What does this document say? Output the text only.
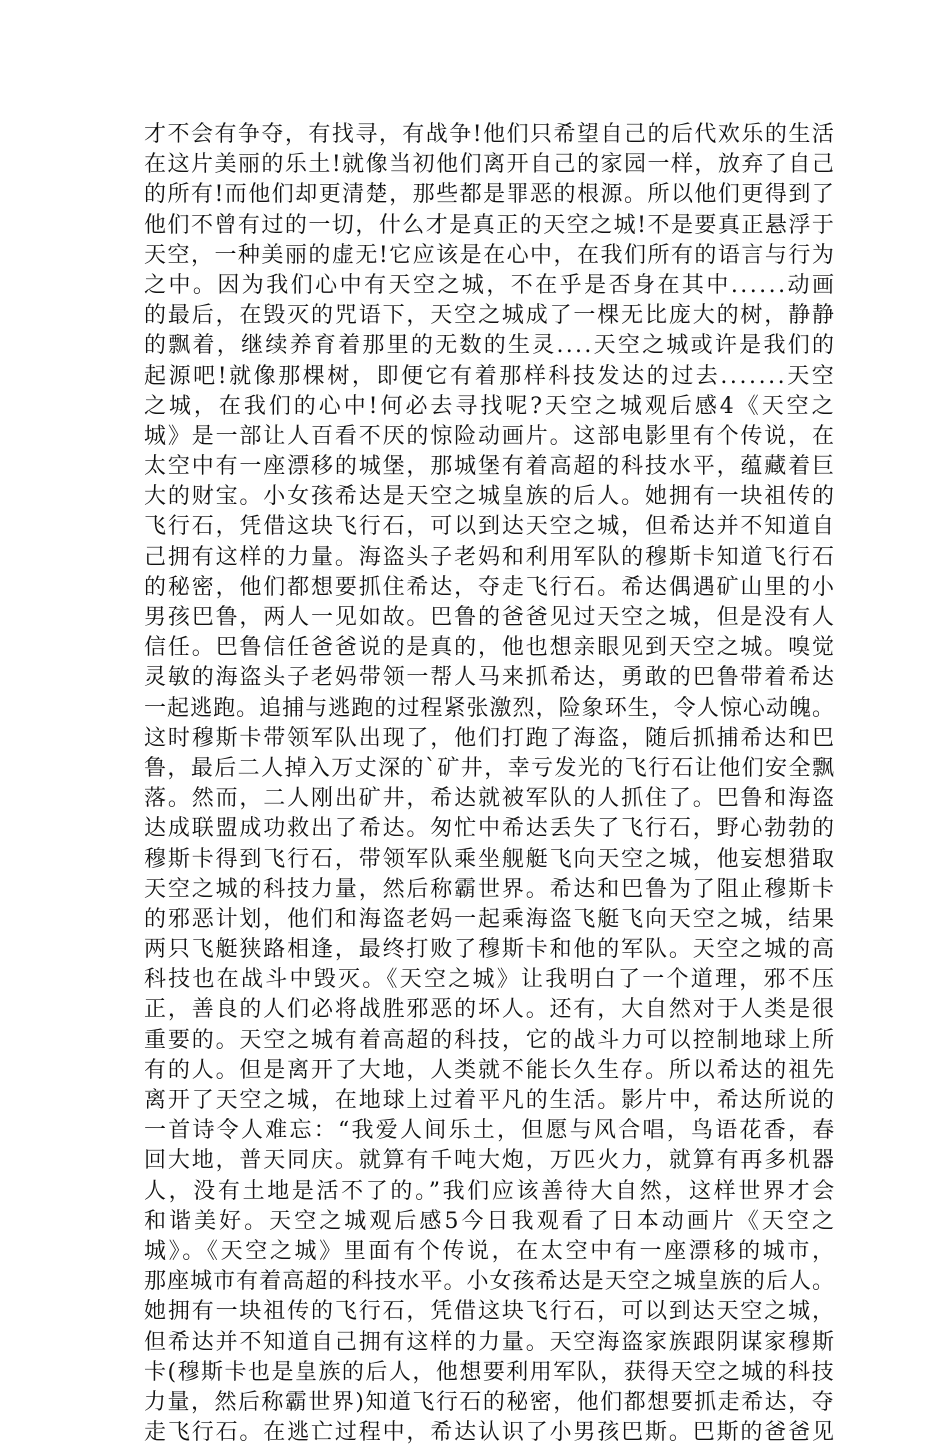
才不会有争夺，有找寻，有战争!他们只希望自己的后代欢乐的生活
在这片美丽的乐土!就像当初他们离开自己的家园一样，放弃了自己
的所有!而他们却更清楚，那些都是罪恶的根源。所以他们更得到了
他们不曾有过的一切，什么才是真正的天空之城!不是要真正悬浮于
天空，一种美丽的虚无!它应该是在心中，在我们所有的语言与行为
之中。因为我们心中有天空之城，不在乎是否身在其中......动画
的最后，在毁灭的咒语下，天空之城成了一棵无比庞大的树，静静
的飘着，继续养育着那里的无数的生灵....天空之城或许是我们的
起源吧!就像那棵树，即便它有着那样科技发达的过去.......天空
之城，在我们的心中!何必去寻找呢?天空之城观后感4《天空之
城》是一部让人百看不厌的惊险动画片。这部电影里有个传说，在
太空中有一座漂移的城堡，那城堡有着高超的科技水平，蕴藏着巨
大的财宝。小女孩希达是天空之城皇族的后人。她拥有一块祖传的
飞行石，凭借这块飞行石，可以到达天空之城，但希达并不知道自
己拥有这样的力量。海盗头子老妈和利用军队的穆斯卡知道飞行石
的秘密，他们都想要抓住希达，夺走飞行石。希达偶遇矿山里的小
男孩巴鲁，两人一见如故。巴鲁的爸爸见过天空之城，但是没有人
信任。巴鲁信任爸爸说的是真的，他也想亲眼见到天空之城。嗅觉
灵敏的海盗头子老妈带领一帮人马来抓希达，勇敢的巴鲁带着希达
一起逃跑。追捕与逃跑的过程紧张激烈，险象环生，令人惊心动魄。
这时穆斯卡带领军队出现了，他们打跑了海盗，随后抓捕希达和巴
鲁，最后二人掉入万丈深的`矿井，幸亏发光的飞行石让他们安全飘
落。然而，二人刚出矿井，希达就被军队的人抓住了。巴鲁和海盗
达成联盟成功救出了希达。匆忙中希达丢失了飞行石，野心勃勃的
穆斯卡得到飞行石，带领军队乘坐舰艇飞向天空之城，他妄想猎取
天空之城的科技力量，然后称霸世界。希达和巴鲁为了阻止穆斯卡
的邪恶计划，他们和海盗老妈一起乘海盗飞艇飞向天空之城，结果
两只飞艇狭路相逢，最终打败了穆斯卡和他的军队。天空之城的高
科技也在战斗中毁灭。《天空之城》让我明白了一个道理，邪不压
正，善良的人们必将战胜邪恶的坏人。还有，大自然对于人类是很
重要的。天空之城有着高超的科技，它的战斗力可以控制地球上所
有的人。但是离开了大地，人类就不能长久生存。所以希达的祖先
离开了天空之城，在地球上过着平凡的生活。影片中，希达所说的
一首诗令人难忘：“我爱人间乐土，但愿与风合唱，鸟语花香，春
回大地，普天同庆。就算有千吨大炮，万匹火力，就算有再多机器
人，没有土地是活不了的。”我们应该善待大自然，这样世界才会
和谐美好。天空之城观后感5今日我观看了日本动画片《天空之
城》。《天空之城》里面有个传说，在太空中有一座漂移的城市，
那座城市有着高超的科技水平。小女孩希达是天空之城皇族的后人。
她拥有一块祖传的飞行石，凭借这块飞行石，可以到达天空之城，
但希达并不知道自己拥有这样的力量。天空海盗家族跟阴谋家穆斯
卡(穆斯卡也是皇族的后人，他想要利用军队，获得天空之城的科技
力量，然后称霸世界)知道飞行石的秘密，他们都想要抓走希达，夺
走飞行石。在逃亡过程中，希达认识了小男孩巴斯。巴斯的爸爸见
